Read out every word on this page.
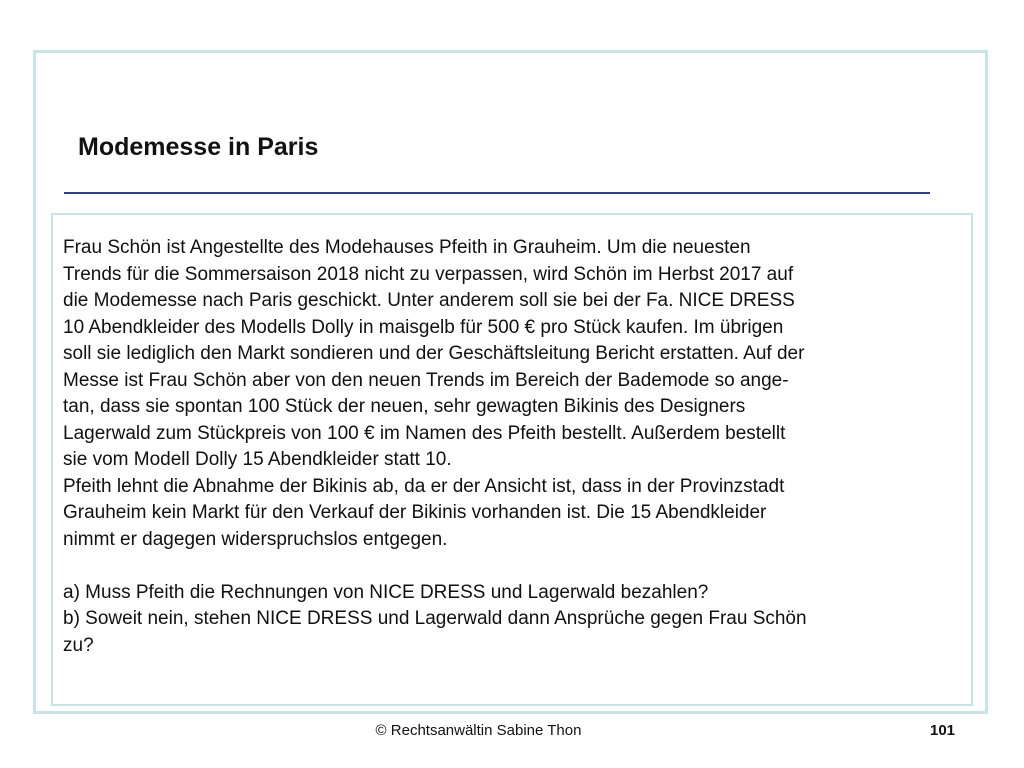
Modemesse in Paris

Frau Schön ist Angestellte des Modehauses Pfeith in Grauheim. Um die neuesten

Trends für die Sommersaison 2018 nicht zu verpassen, wird Schön im Herbst 2017 auf

die Modemesse nach Paris geschickt. Unter anderem soll sie bei der Fa. NICE DRESS

10 Abendkleider des Modells Dolly in maisgelb für 500 € pro Stück kaufen. Im übrigen

soll sie lediglich den Markt sondieren und der Geschäftsleitung Bericht erstatten. Auf der

Messe ist Frau Schön aber von den neuen Trends im Bereich der Bademode so ange-

tan, dass sie spontan 100 Stück der neuen, sehr gewagten Bikinis des Designers

Lagerwald zum Stückpreis von 100 € im Namen des Pfeith bestellt. Außerdem bestellt

sie vom Modell Dolly 15 Abendkleider statt 10.

Pfeith lehnt die Abnahme der Bikinis ab, da er der Ansicht ist, dass in der Provinzstadt

Grauheim kein Markt für den Verkauf der Bikinis vorhanden ist. Die 15 Abendkleider

nimmt er dagegen widerspruchslos entgegen.

a) Muss Pfeith die Rechnungen von NICE DRESS und Lagerwald bezahlen?

b) Soweit nein, stehen NICE DRESS und Lagerwald dann Ansprüche gegen Frau Schön

zu?

© Rechtsanwältin Sabine Thon	101
